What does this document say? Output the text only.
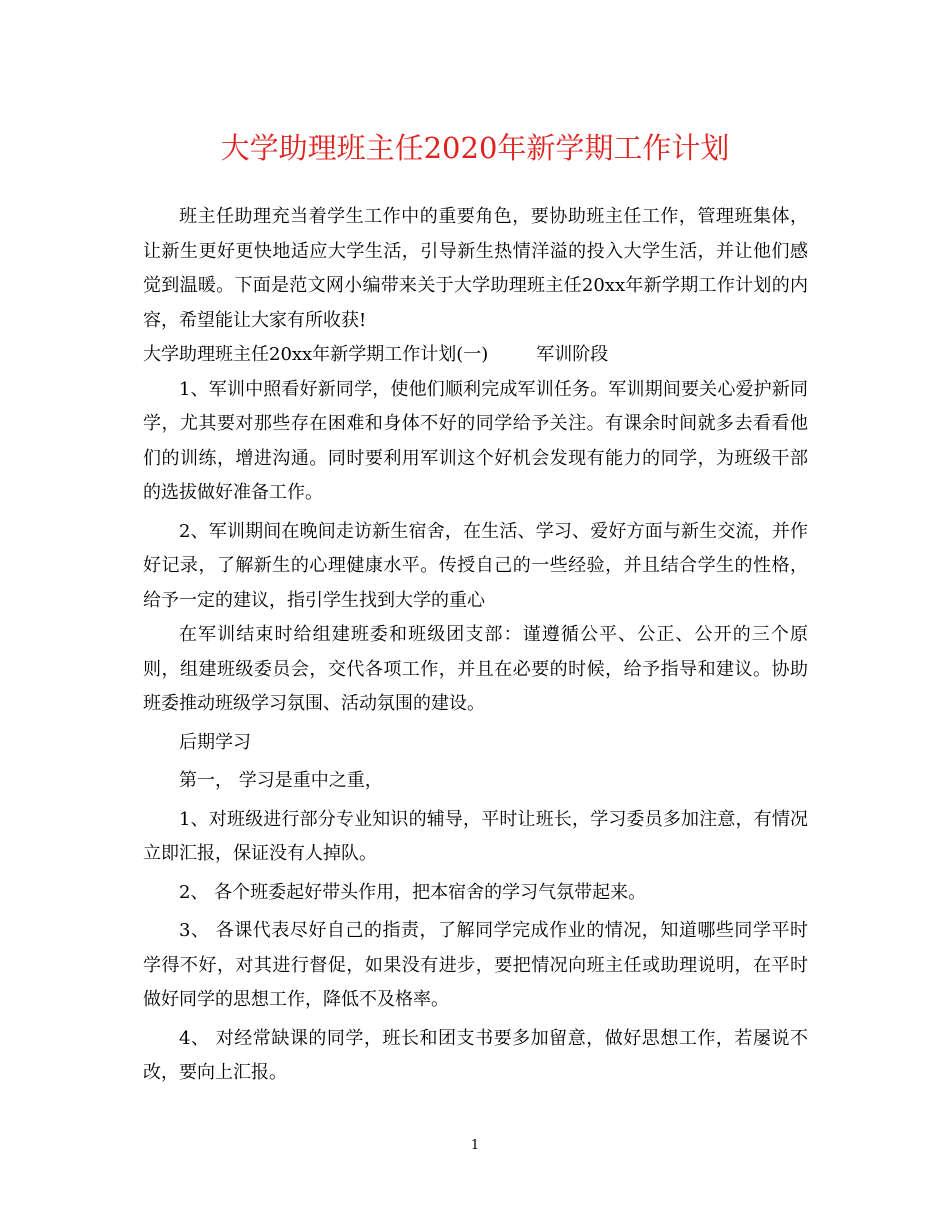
大学助理班主任2020年新学期工作计划

班主任助理充当着学生工作中的重要角色，要协助班主任工作，管理班集体，让新生更好更快地适应大学生活，引导新生热情洋溢的投入大学生活，并让他们感觉到温暖。下面是范文网小编带来关于大学助理班主任20xx年新学期工作计划的内容，希望能让大家有所收获!

大学助理班主任20xx年新学期工作计划(一)	军训阶段

1、军训中照看好新同学，使他们顺利完成军训任务。军训期间要关心爱护新同学，尤其要对那些存在困难和身体不好的同学给予关注。有课余时间就多去看看他们的训练，增进沟通。同时要利用军训这个好机会发现有能力的同学，为班级干部的选拔做好准备工作。

2、军训期间在晚间走访新生宿舍，在生活、学习、爱好方面与新生交流，并作好记录，了解新生的心理健康水平。传授自己的一些经验，并且结合学生的性格，给予一定的建议，指引学生找到大学的重心

在军训结束时给组建班委和班级团支部：谨遵循公平、公正、公开的三个原则，组建班级委员会，交代各项工作，并且在必要的时候，给予指导和建议。协助班委推动班级学习氛围、活动氛围的建设。

后期学习

第一， 学习是重中之重，

1、对班级进行部分专业知识的辅导，平时让班长，学习委员多加注意，有情况立即汇报，保证没有人掉队。

2、 各个班委起好带头作用，把本宿舍的学习气氛带起来。

3、 各课代表尽好自己的指责，了解同学完成作业的情况，知道哪些同学平时学得不好，对其进行督促，如果没有进步，要把情况向班主任或助理说明，在平时做好同学的思想工作，降低不及格率。

4、 对经常缺课的同学，班长和团支书要多加留意，做好思想工作，若屡说不改，要向上汇报。

1
